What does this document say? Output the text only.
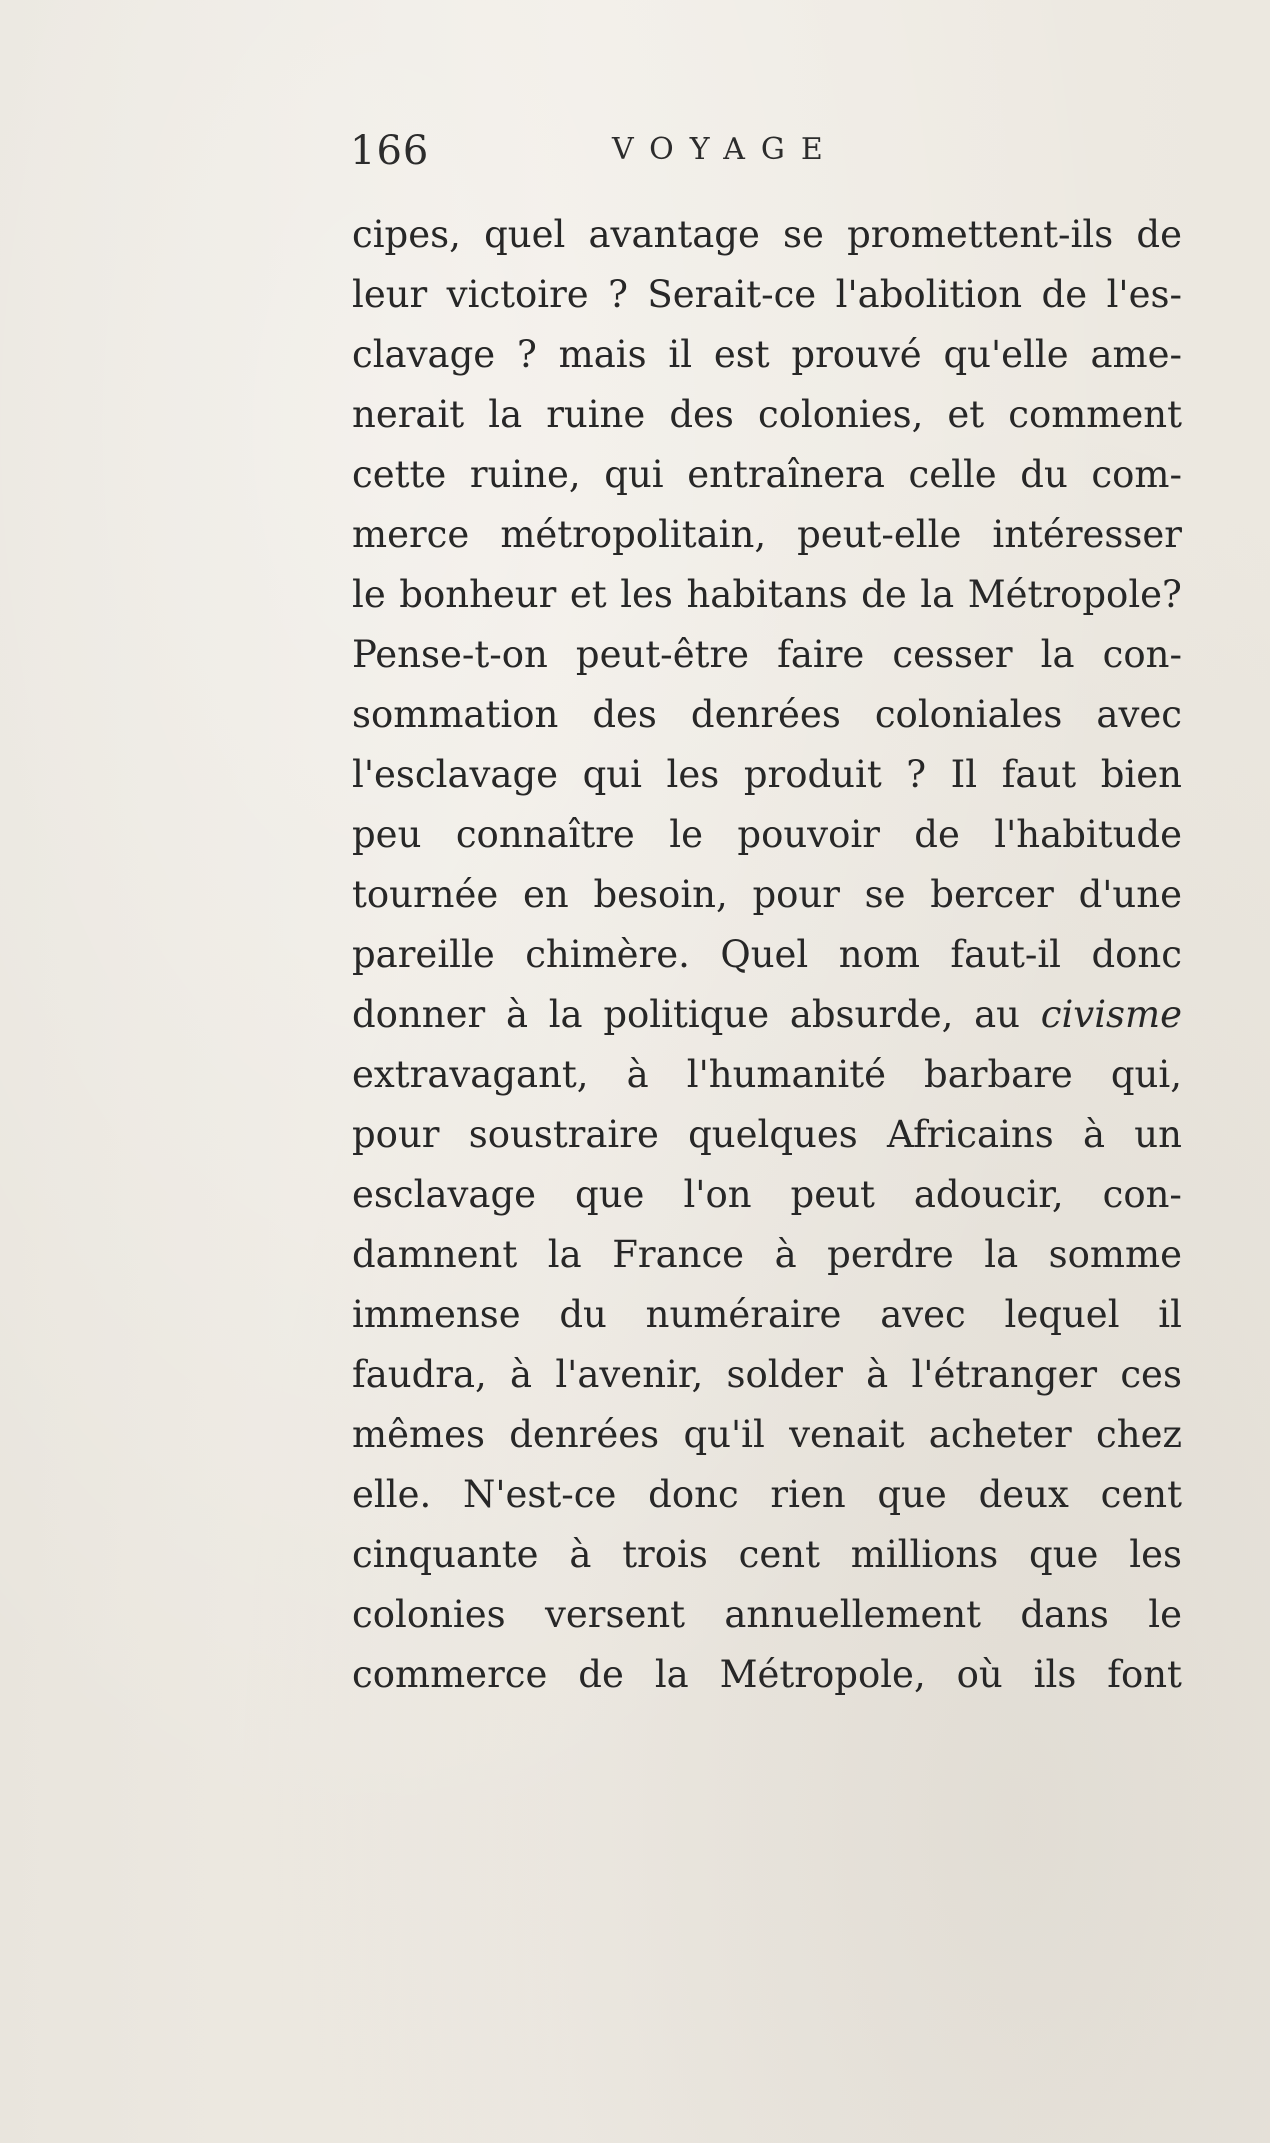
166	VOYAGE
cipes, quel avantage se promettent-ils de
leur victoire ? Serait-ce l'abolition de l'es-
clavage ? mais il est prouvé qu'elle ame-
nerait la ruine des colonies, et comment
cette ruine, qui entraînera celle du com-
merce métropolitain, peut-elle intéresser
le bonheur et les habitans de la Métropole?
Pense-t-on peut-être faire cesser la con-
sommation des denrées coloniales avec
l'esclavage qui les produit ? Il faut bien
peu connaître le pouvoir de l'habitude
tournée en besoin, pour se bercer d'une
pareille chimère. Quel nom faut-il donc
donner à la politique absurde, au civisme
extravagant, à l'humanité barbare qui,
pour soustraire quelques Africains à un
esclavage que l'on peut adoucir, con-
damnent la France à perdre la somme
immense du numéraire avec lequel il
faudra, à l'avenir, solder à l'étranger ces
mêmes denrées qu'il venait acheter chez
elle. N'est-ce donc rien que deux cent
cinquante à trois cent millions que les
colonies versent annuellement dans le
commerce de la Métropole, où ils font
